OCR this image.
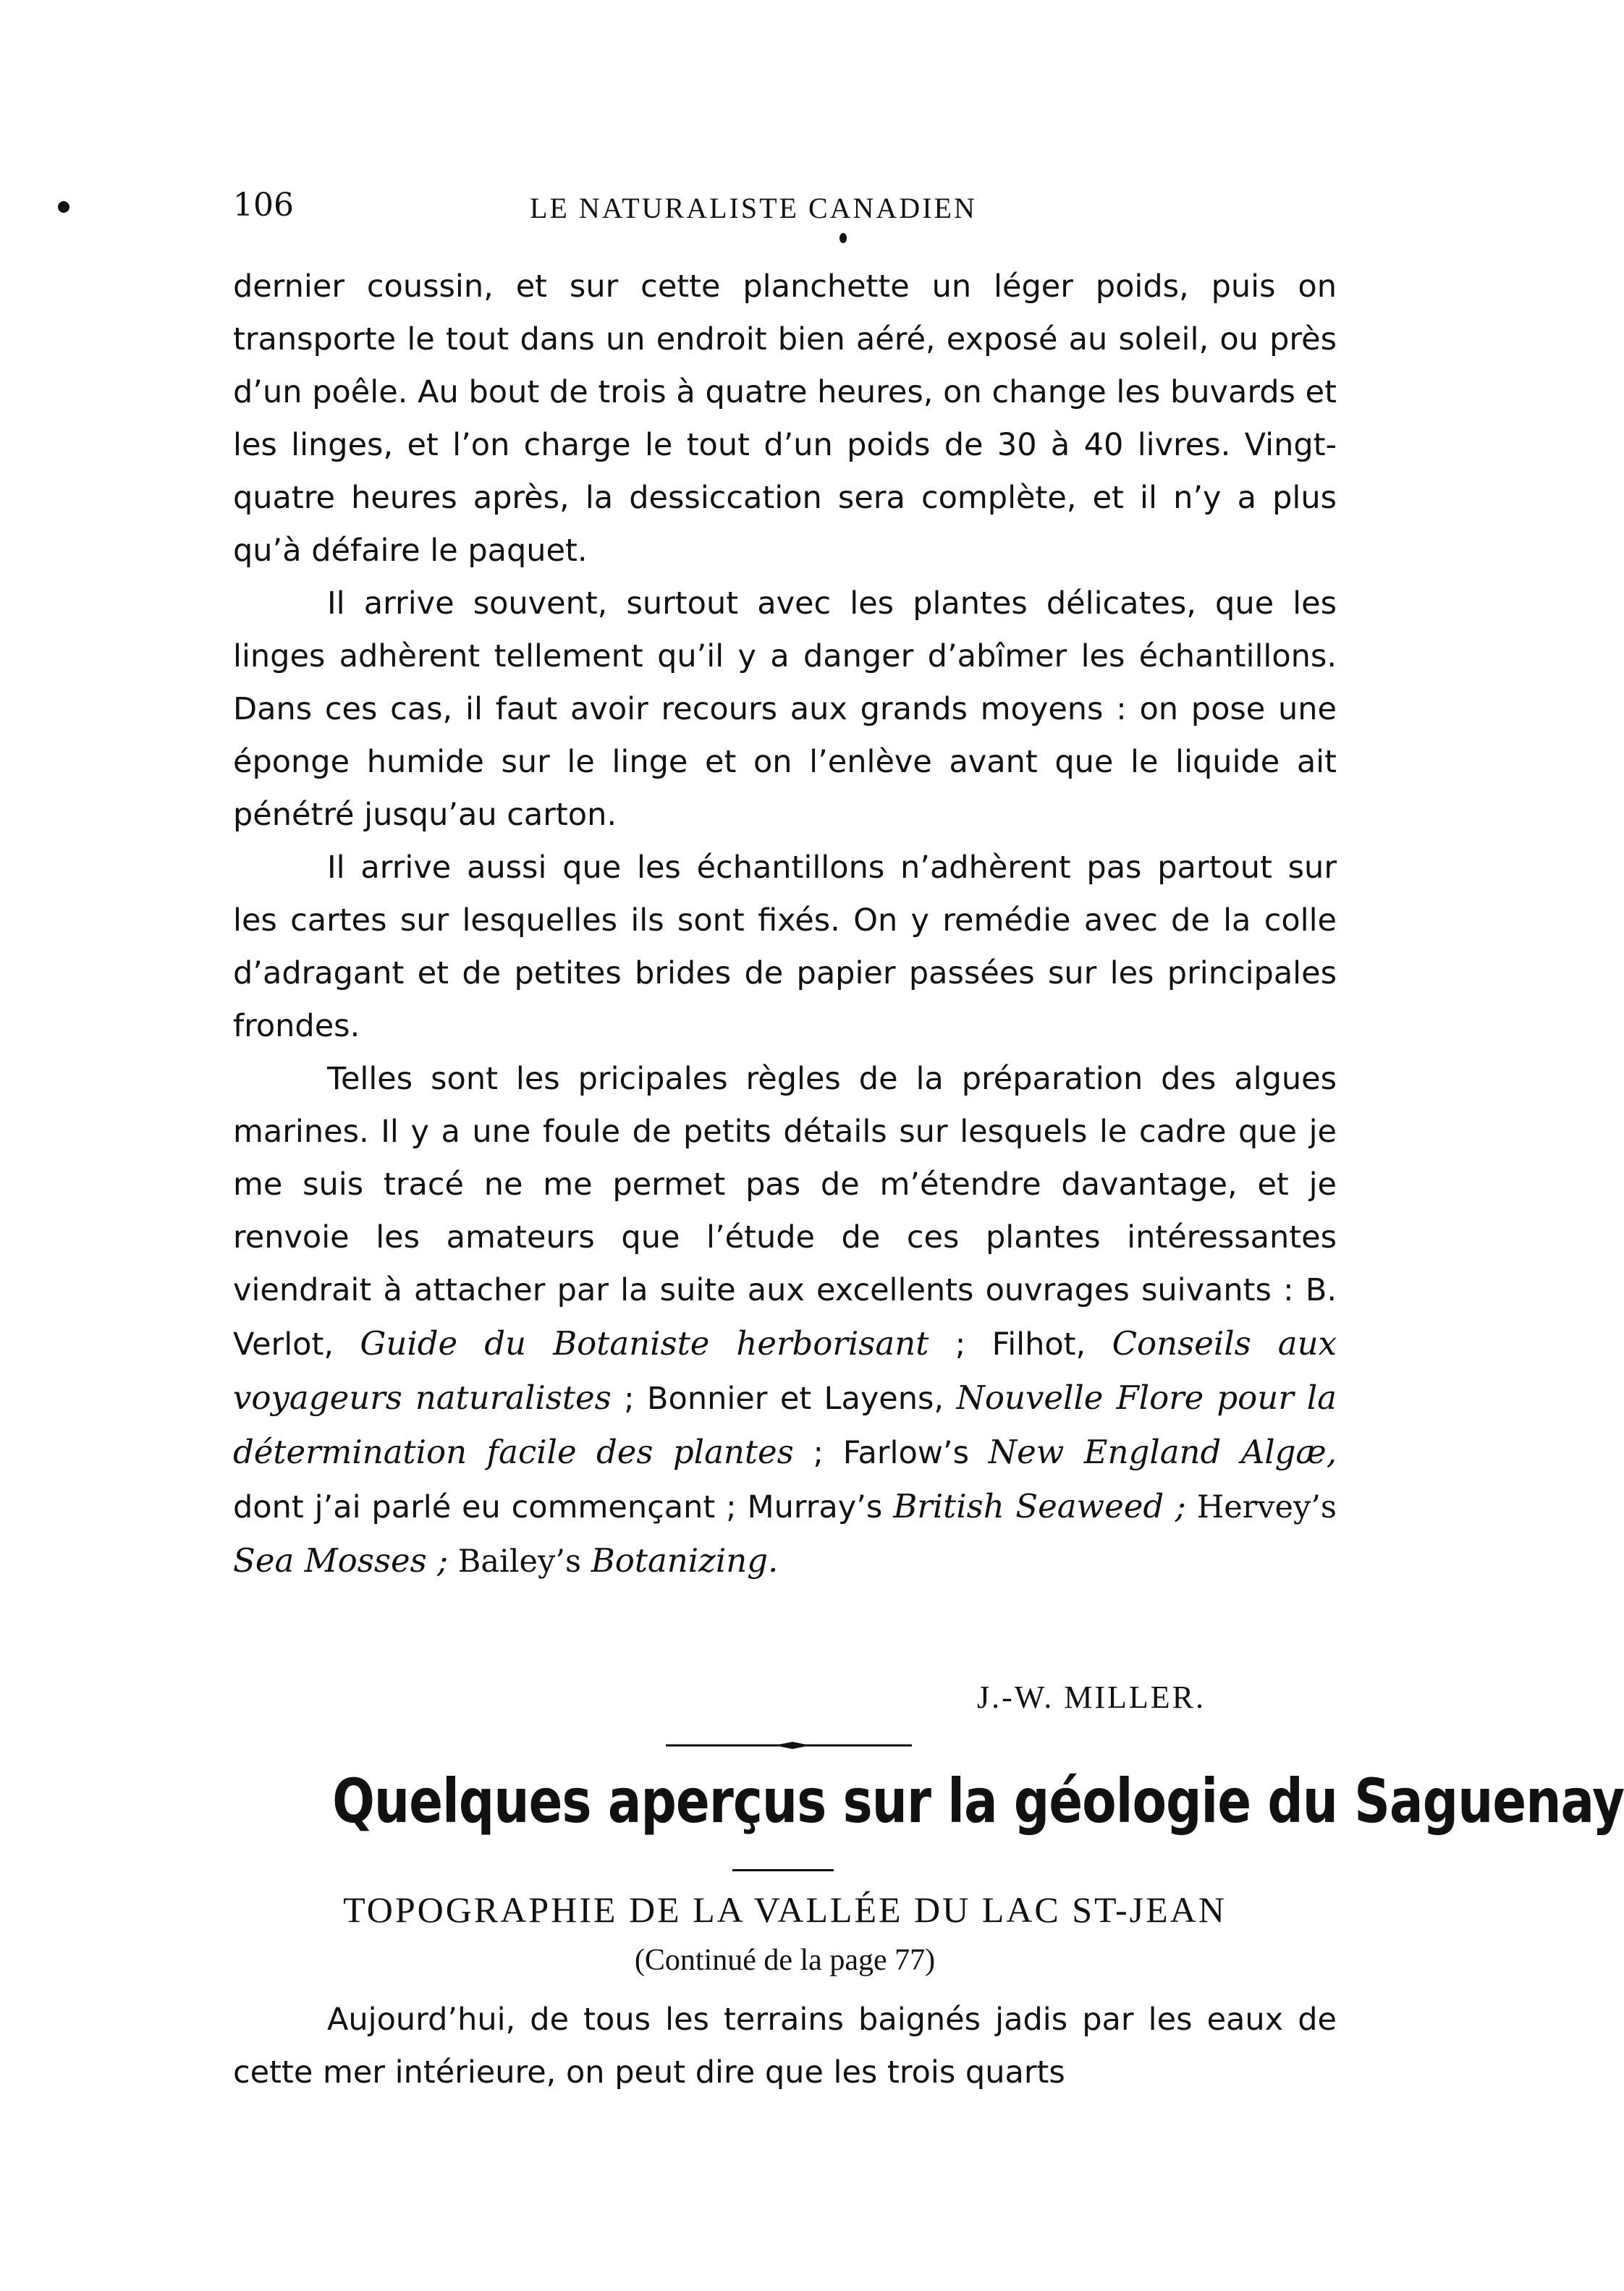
106	LE NATURALISTE CANADIEN

dernier coussin, et sur cette planchette un léger poids, puis on transporte le tout dans un endroit bien aéré, exposé au soleil, ou près d’un poêle. Au bout de trois à quatre heures, on change les buvards et les linges, et l’on charge le tout d’un poids de 30 à 40 livres. Vingt-quatre heures après, la dessiccation sera complète, et il n’y a plus qu’à défaire le paquet.

Il arrive souvent, surtout avec les plantes délicates, que les linges adhèrent tellement qu’il y a danger d’abîmer les échantillons. Dans ces cas, il faut avoir recours aux grands moyens : on pose une éponge humide sur le linge et on l’enlève avant que le liquide ait pénétré jusqu’au carton.

Il arrive aussi que les échantillons n’adhèrent pas partout sur les cartes sur lesquelles ils sont fixés. On y remédie avec de la colle d’adragant et de petites brides de papier passées sur les principales frondes.

Telles sont les pricipales règles de la préparation des algues marines. Il y a une foule de petits détails sur lesquels le cadre que je me suis tracé ne me permet pas de m’étendre davantage, et je renvoie les amateurs que l’étude de ces plantes intéressantes viendrait à attacher par la suite aux excellents ouvrages suivants : B. Verlot, Guide du Botaniste herborisant ; Filhot, Conseils aux voyageurs naturalistes ; Bonnier et Layens, Nouvelle Flore pour la détermination facile des plantes ; Farlow’s New England Algæ, dont j’ai parlé eu commençant ; Murray’s British Seaweed ; Hervey’s Sea Mosses ; Bailey’s Botanizing.

J.-W. MILLER.
Quelques aperçus sur la géologie du Saguenay
TOPOGRAPHIE DE LA VALLÉE DU LAC ST-JEAN
(Continué de la page 77)

Aujourd’hui, de tous les terrains baignés jadis par les eaux de cette mer intérieure, on peut dire que les trois quarts
